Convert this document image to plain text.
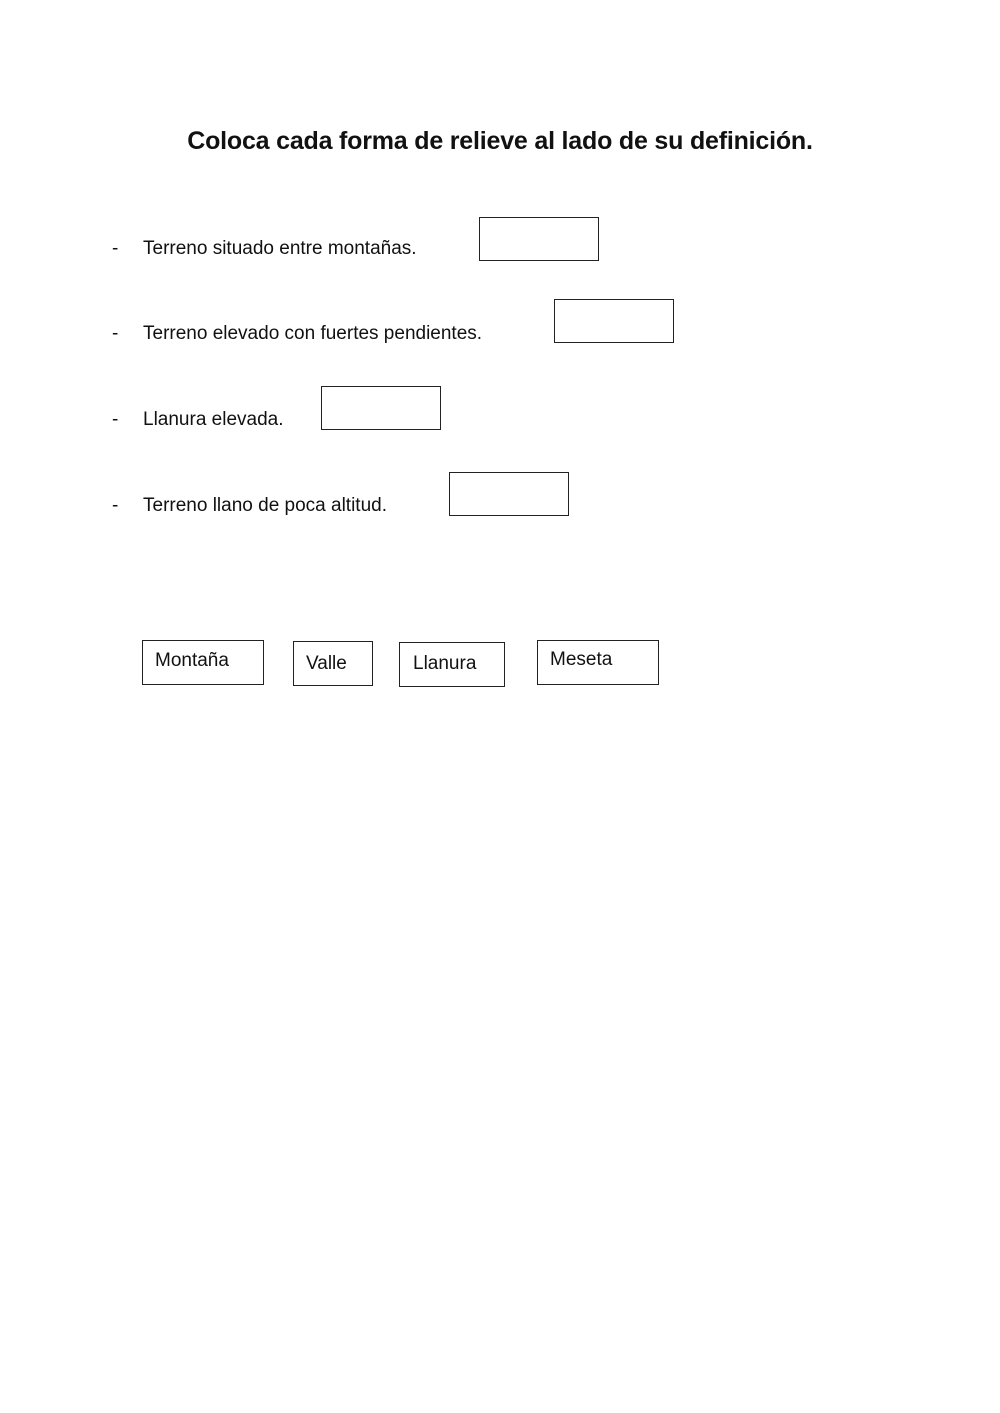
Coloca cada forma de relieve al lado de su definición.
-	Terreno situado entre montañas.
-	Terreno elevado con fuertes pendientes.
-	Llanura elevada.
-	Terreno llano de poca altitud.
Montaña	Valle	Llanura	Meseta
